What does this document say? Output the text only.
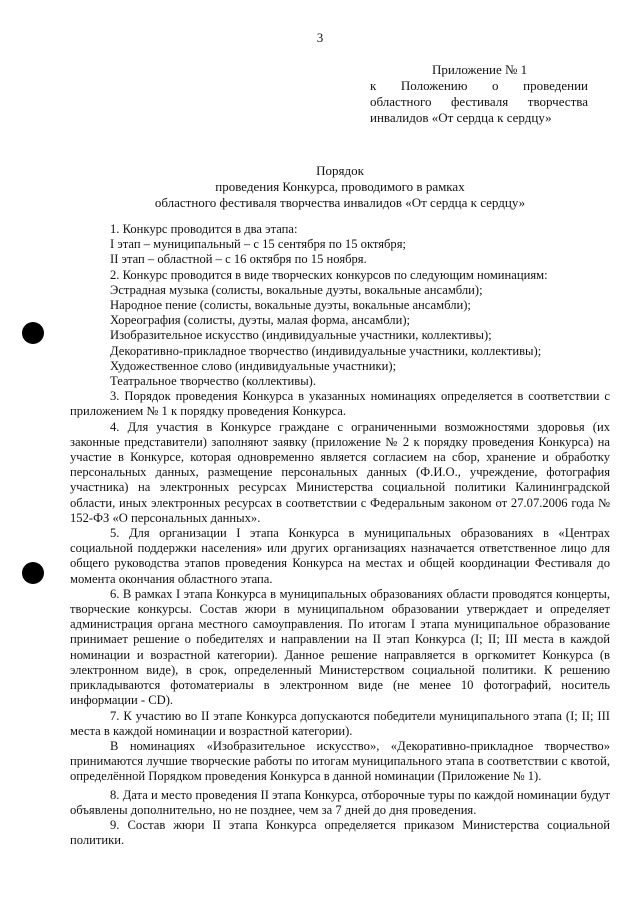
3
Приложение № 1
к Положению о проведении областного фестиваля творчества инвалидов «От сердца к сердцу»
Порядок
проведения Конкурса, проводимого в рамках
областного фестиваля творчества инвалидов «От сердца к сердцу»

1. Конкурс проводится в два этапа:

I этап – муниципальный – с 15 сентября по 15 октября;

II этап – областной – с 16 октября по 15 ноября.

2. Конкурс проводится в виде творческих конкурсов по следующим номинациям:

Эстрадная музыка (солисты, вокальные дуэты, вокальные ансамбли);

Народное пение (солисты, вокальные дуэты, вокальные ансамбли);

Хореография (солисты, дуэты, малая форма, ансамбли);

Изобразительное искусство (индивидуальные участники, коллективы);

Декоративно-прикладное творчество (индивидуальные участники, коллективы);

Художественное слово (индивидуальные участники);

Театральное творчество (коллективы).

3. Порядок проведения Конкурса в указанных номинациях определяется в соответствии с приложением № 1 к порядку проведения Конкурса.

4. Для участия в Конкурсе граждане с ограниченными возможностями здоровья (их законные представители) заполняют заявку (приложение № 2 к порядку проведения Конкурса) на участие в Конкурсе, которая одновременно является согласием на сбор, хранение и обработку персональных данных, размещение персональных данных (Ф.И.О., учреждение, фотография участника) на электронных ресурсах Министерства социальной политики Калининградской области, иных электронных ресурсах в соответствии с Федеральным законом от 27.07.2006 года № 152-ФЗ «О персональных данных».

5. Для организации I этапа Конкурса в муниципальных образованиях в «Центрах социальной поддержки населения» или других организациях назначается ответственное лицо для общего руководства этапов проведения Конкурса на местах и общей координации Фестиваля до момента окончания областного этапа.

6. В рамках I этапа Конкурса в муниципальных образованиях области проводятся концерты, творческие конкурсы. Состав жюри в муниципальном образовании утверждает и определяет администрация органа местного самоуправления. По итогам I этапа муниципальное образование принимает решение о победителях и направлении на II этап Конкурса (I; II; III места в каждой номинации и возрастной категории). Данное решение направляется в оргкомитет Конкурса (в электронном виде), в срок, определенный Министерством социальной политики. К решению прикладываются фотоматериалы в электронном виде (не менее 10 фотографий, носитель информации - CD).

7. К участию во II этапе Конкурса допускаются победители муниципального этапа (I; II; III места в каждой номинации и возрастной категории).

В номинациях «Изобразительное искусство», «Декоративно-прикладное творчество» принимаются лучшие творческие работы по итогам муниципального этапа в соответствии с квотой, определённой Порядком проведения Конкурса в данной номинации (Приложение № 1).

8. Дата и место проведения II этапа Конкурса, отборочные туры по каждой номинации будут объявлены дополнительно, но не позднее, чем за 7 дней до дня проведения.

9. Состав жюри II этапа Конкурса определяется приказом Министерства социальной политики.
